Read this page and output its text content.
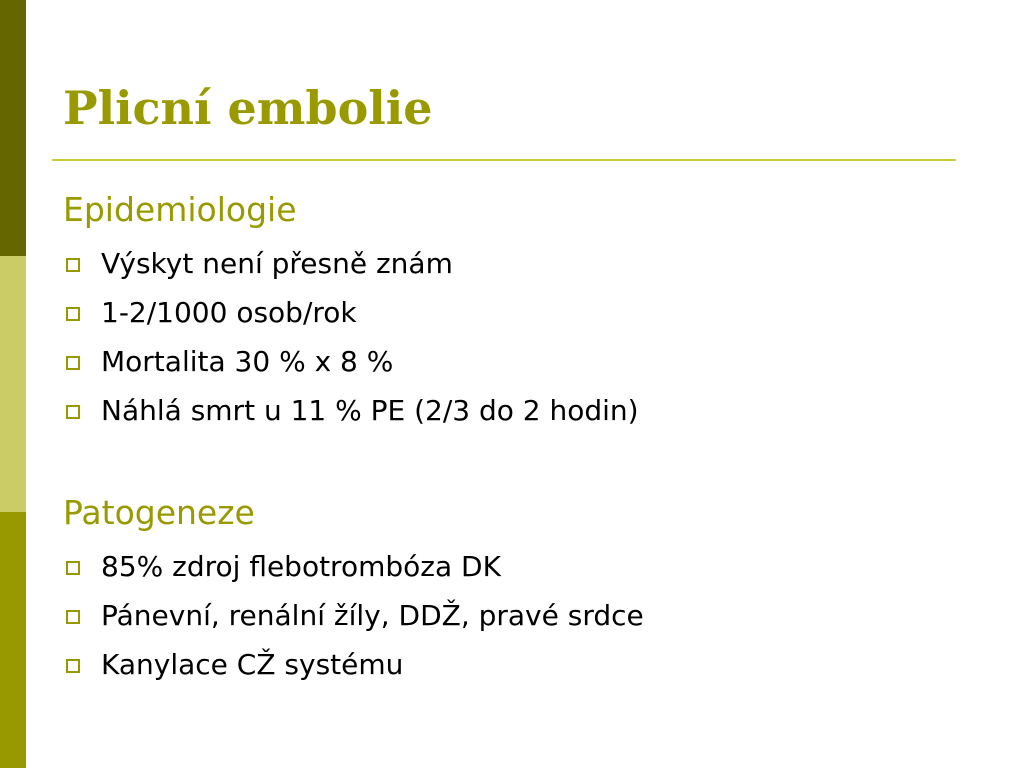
Plicní embolie
Epidemiologie
Výskyt není přesně znám
1-2/1000 osob/rok
Mortalita 30 % x 8 %
Náhlá smrt u 11 % PE (2/3 do 2 hodin)
Patogeneze
85% zdroj flebotrombóza DK
Pánevní, renální žíly, DDŽ, pravé srdce
Kanylace CŽ systému
